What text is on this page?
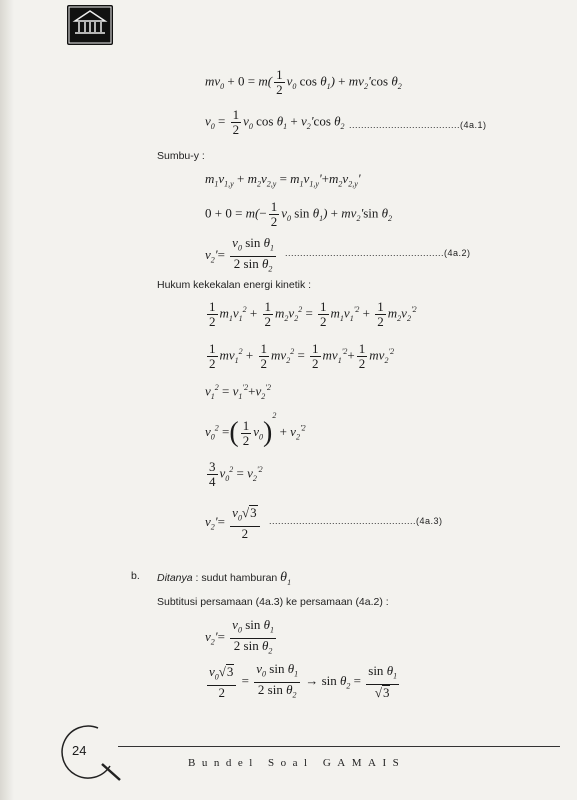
$mv_0 + 0 = m( \frac{1}{2} v_0$ $\cos \theta_1) + mv_2'\cos$ $\theta_2$
$v_0 = \frac{1}{2} v_0$ $\cos \theta_1 + v_2'\cos$ $\theta_2$ .....................................(4a.1)
Sumbu-y :
$m_1v_{1,y} + m_2v_{2,y} = m_1v_{1,y}'+m_2v_{2,y}'$
$0 + 0 = m(- \frac{1}{2} v_0$ $\sin \theta_1) + mv_2'\sin$ $\theta_2$
$v_2'= \frac{v_0 \sin \theta_1}{2 \sin \theta_2} .....................................................(4a.2)$
Hukum kekekalan energi kinetik :
$\frac{1}{2} m_1v_1^2 + \frac{1}{2} m_2v_2^2 = \frac{1}{2} m_1v_1^{'2} + \frac{1}{2} m_2v_2^{'2}$
$\frac{1}{2} mv_1^2 + \frac{1}{2} mv_2^2 = \frac{1}{2} mv_1^{'2}+ \frac{1}{2} mv_2^{'2}$
$v_1^2 = v_1^{'2}+v_2^{'2}$
$v_0^2$ =( $\frac{1}{2} v_0)^2 + v_2^{'2}$
$\frac{3}{4} v_0^2 = v_2^{'2}$
$v_2'= \frac{v_0√3}{2} .................................................(4a.3)$
b. Ditanya : sudut hamburan $\theta_1$
Subtitusi persamaan (4a.3) ke persamaan (4a.2) :
$v_2'= \frac{v_0 \sin \theta_1}{2 \sin \theta_2}$
$\frac{v_0√3}{2} = \frac{v_0 \sin \theta_1}{2 \sin \theta_2} \to \sin \theta_2 = \frac{\sin \theta_1}{√3}$
24
Bundel Soal GAMAIS
